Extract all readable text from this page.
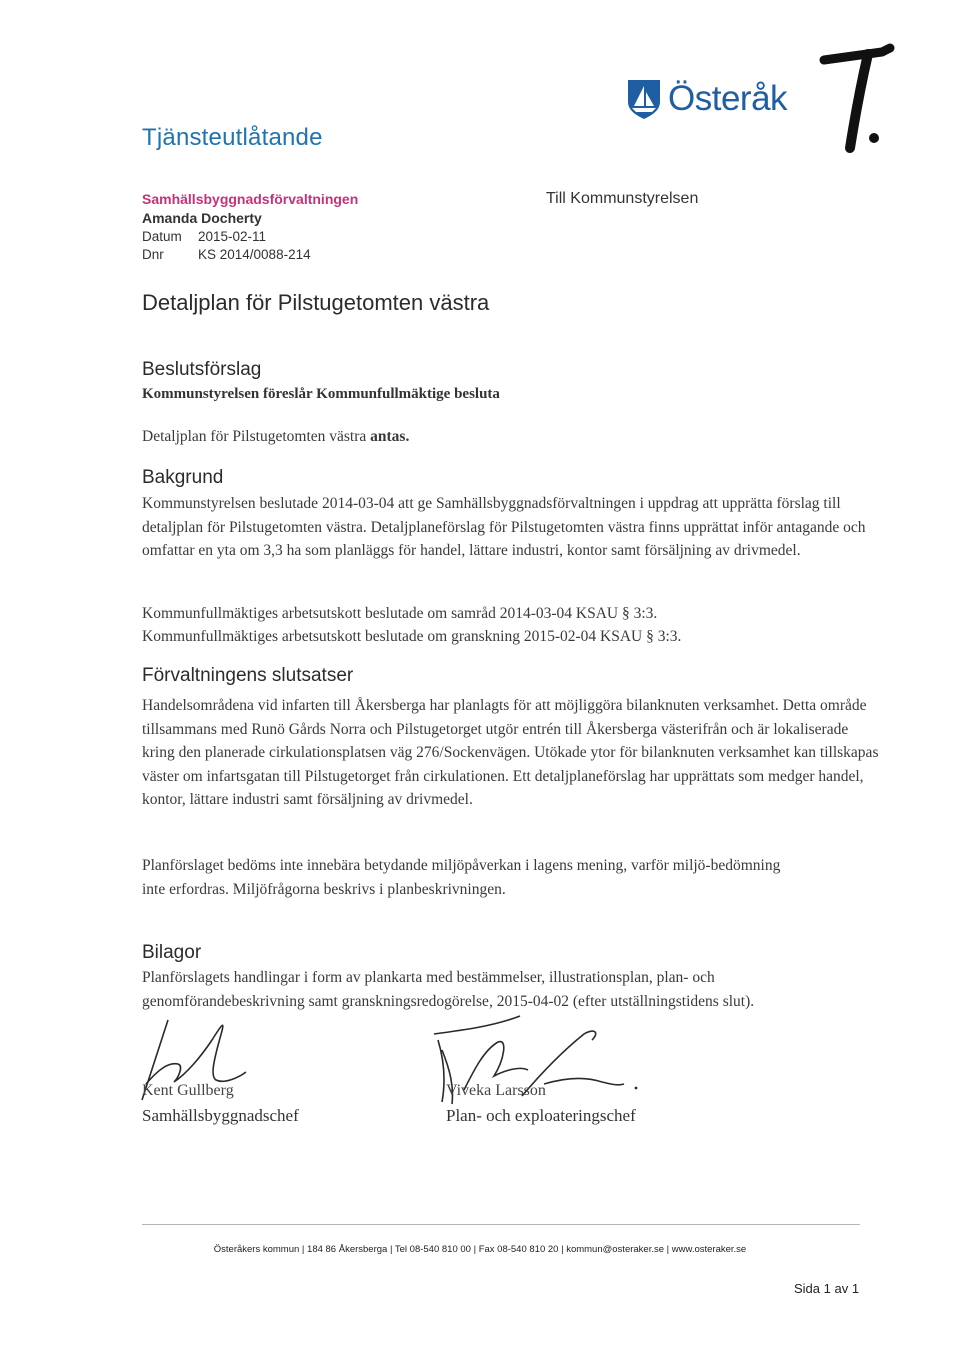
Österåk
Tjänsteutlåtande
Samhällsbyggnadsförvaltningen
Amanda Docherty
Datum 2015-02-11
Dnr	KS 2014/0088-214
Till Kommunstyrelsen
Detaljplan för Pilstugetomten västra
Beslutsförslag
Kommunstyrelsen föreslår Kommunfullmäktige besluta

Detaljplan för Pilstugetomten västra antas.

Bakgrund

Kommunstyrelsen beslutade 2014-03-04 att ge Samhällsbyggnadsförvaltningen i uppdrag att upprätta förslag till detaljplan för Pilstugetomten västra. Detaljplaneförslag för Pilstugetomten västra finns upprättat inför antagande och omfattar en yta om 3,3 ha som planläggs för handel, lättare industri, kontor samt försäljning av drivmedel.

Kommunfullmäktiges arbetsutskott beslutade om samråd 2014-03-04 KSAU § 3:3.

Kommunfullmäktiges arbetsutskott beslutade om granskning 2015-02-04 KSAU § 3:3.

Förvaltningens slutsatser

Handelsområdena vid infarten till Åkersberga har planlagts för att möjliggöra bilanknuten verksamhet. Detta område tillsammans med Runö Gårds Norra och Pilstugetorget utgör entrén till Åkersberga västerifrån och är lokaliserade kring den planerade cirkulationsplatsen väg 276/Sockenvägen. Utökade ytor för bilanknuten verksamhet kan tillskapas väster om infartsgatan till Pilstugetorget från cirkulationen. Ett detaljplaneförslag har upprättats som medger handel, kontor, lättare industri samt försäljning av drivmedel.

Planförslaget bedöms inte innebära betydande miljöpåverkan i lagens mening, varför miljö-bedömning inte erfordras. Miljöfrågorna beskrivs i planbeskrivningen.

Bilagor

Planförslagets handlingar i form av plankarta med bestämmelser, illustrationsplan, plan- och genomförandebeskrivning samt granskningsredogörelse, 2015-04-02 (efter utställningstidens slut).

Kent Gullberg
Samhällsbyggnadschef
Viveka Larsson
Plan- och exploateringschef
Österåkers kommun | 184 86 Åkersberga | Tel 08-540 810 00 | Fax 08-540 810 20 | kommun@osteraker.se | www.osteraker.se
Sida 1 av 1
